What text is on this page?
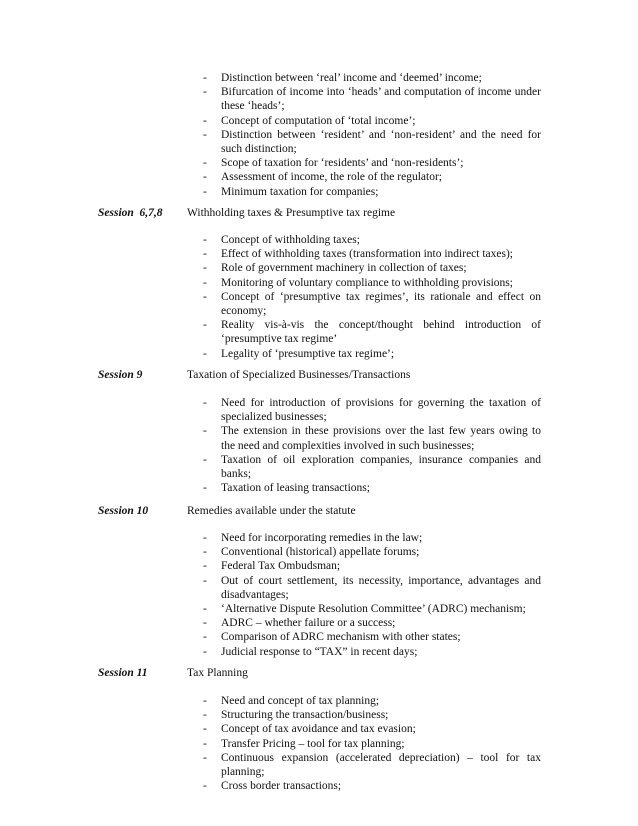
- Distinction between ‘real’ income and ‘deemed’ income;
- Bifurcation of income into ‘heads’ and computation of income under these ‘heads’;
- Concept of computation of ‘total income’;
- Distinction between ‘resident’ and ‘non-resident’ and the need for such distinction;
- Scope of taxation for ‘residents’ and ‘non-residents’;
- Assessment of income, the role of the regulator;
- Minimum taxation for companies;
Session  6,7,8 Withholding taxes & Presumptive tax regime
- Concept of withholding taxes;
- Effect of withholding taxes (transformation into indirect taxes);
- Role of government machinery in collection of taxes;
- Monitoring of voluntary compliance to withholding provisions;
- Concept of ‘presumptive tax regimes’, its rationale and effect on economy;
- Reality vis-à-vis the concept/thought behind introduction of ‘presumptive tax regime’
- Legality of ‘presumptive tax regime’;
Session 9	Taxation of Specialized Businesses/Transactions
- Need for introduction of provisions for governing the taxation of specialized businesses;
- The extension in these provisions over the last few years owing to the need and complexities involved in such businesses;
- Taxation of oil exploration companies, insurance companies and banks;
- Taxation of leasing transactions;
Session 10	Remedies available under the statute
- Need for incorporating remedies in the law;
- Conventional (historical) appellate forums;
- Federal Tax Ombudsman;
- Out of court settlement, its necessity, importance, advantages and disadvantages;
- ‘Alternative Dispute Resolution Committee’ (ADRC) mechanism;
- ADRC – whether failure or a success;
- Comparison of ADRC mechanism with other states;
- Judicial response to “TAX” in recent days;
Session 11	Tax Planning
- Need and concept of tax planning;
- Structuring the transaction/business;
- Concept of tax avoidance and tax evasion;
- Transfer Pricing – tool for tax planning;
- Continuous expansion (accelerated depreciation) – tool for tax planning;
- Cross border transactions;
